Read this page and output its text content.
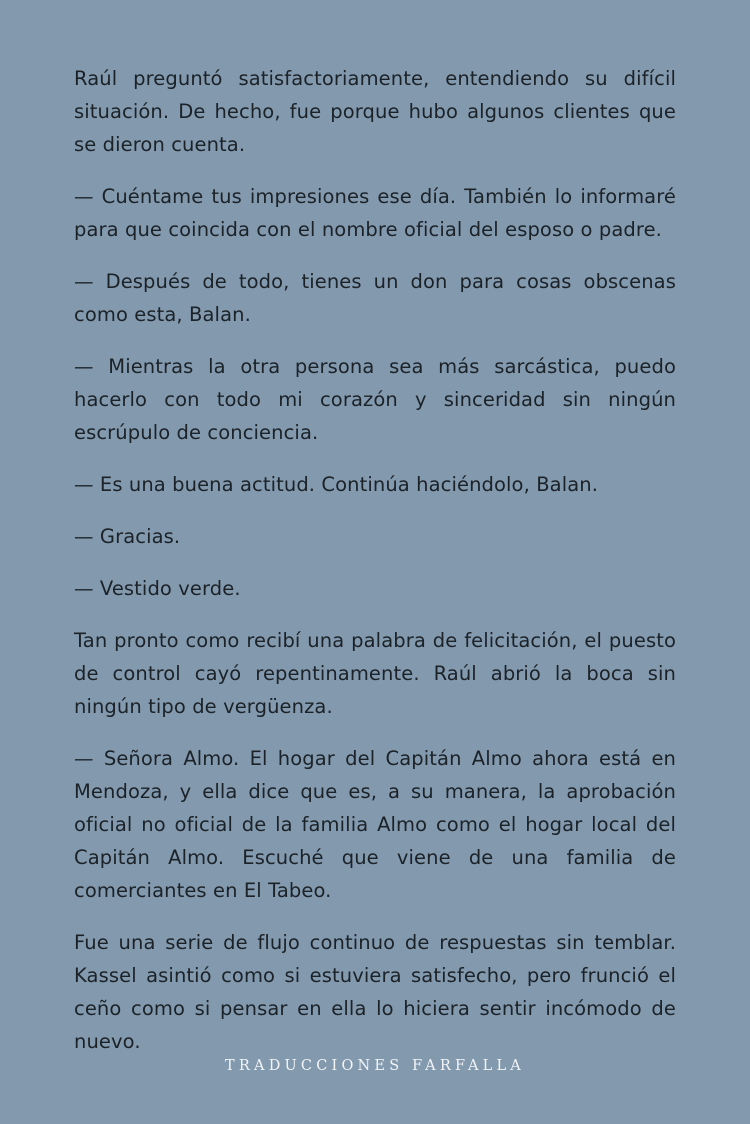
Raúl preguntó satisfactoriamente, entendiendo su difícil situación. De hecho, fue porque hubo algunos clientes que se dieron cuenta.

— Cuéntame tus impresiones ese día. También lo informaré para que coincida con el nombre oficial del esposo o padre.

— Después de todo, tienes un don para cosas obscenas como esta, Balan.

— Mientras la otra persona sea más sarcástica, puedo hacerlo con todo mi corazón y sinceridad sin ningún escrúpulo de conciencia.

— Es una buena actitud. Continúa haciéndolo, Balan.

— Gracias.

— Vestido verde.

Tan pronto como recibí una palabra de felicitación, el puesto de control cayó repentinamente. Raúl abrió la boca sin ningún tipo de vergüenza.

— Señora Almo. El hogar del Capitán Almo ahora está en Mendoza, y ella dice que es, a su manera, la aprobación oficial no oficial de la familia Almo como el hogar local del Capitán Almo. Escuché que viene de una familia de comerciantes en El Tabeo.

Fue una serie de flujo continuo de respuestas sin temblar. Kassel asintió como si estuviera satisfecho, pero frunció el ceño como si pensar en ella lo hiciera sentir incómodo de nuevo.

TRADUCCIONES FARFALLA
